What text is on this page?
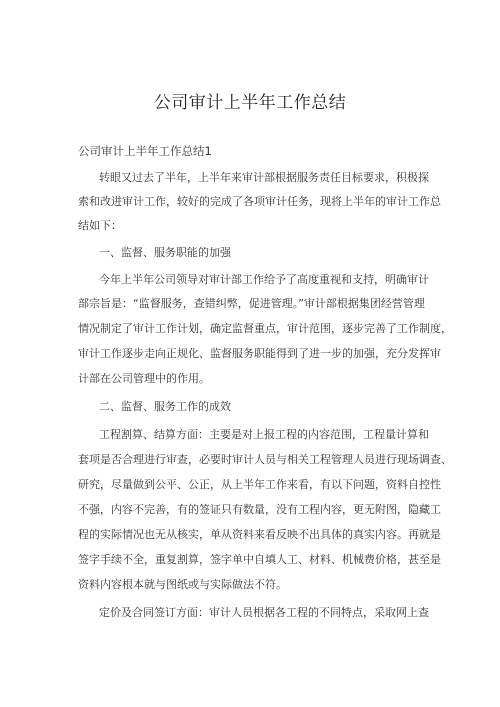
公司审计上半年工作总结
公司审计上半年工作总结1
转眼又过去了半年，上半年来审计部根据服务责任目标要求，积极探
索和改进审计工作，较好的完成了各项审计任务，现将上半年的审计工作总
结如下：
一、监督、服务职能的加强
今年上半年公司领导对审计部工作给予了高度重视和支持，明确审计
部宗旨是：“监督服务，查错纠弊，促进管理。”审计部根据集团经营管理
情况制定了审计工作计划，确定监督重点，审计范围，逐步完善了工作制度，
审计工作逐步走向正规化、监督服务职能得到了进一步的加强，充分发挥审
计部在公司管理中的作用。
二、监督、服务工作的成效
工程割算、结算方面：主要是对上报工程的内容范围，工程量计算和
套项是否合理进行审查，必要时审计人员与相关工程管理人员进行现场调查、
研究，尽量做到公平、公正，从上半年工作来看，有以下问题，资料自控性
不强，内容不完善，有的签证只有数量，没有工程内容，更无附图，隐藏工
程的实际情况也无从核实，单从资料来看反映不出具体的真实内容。再就是
签字手续不全，重复割算，签字单中自填人工、材料、机械费价格，甚至是
资料内容根本就与图纸或与实际做法不符。
定价及合同签订方面：审计人员根据各工程的不同特点，采取网上查
